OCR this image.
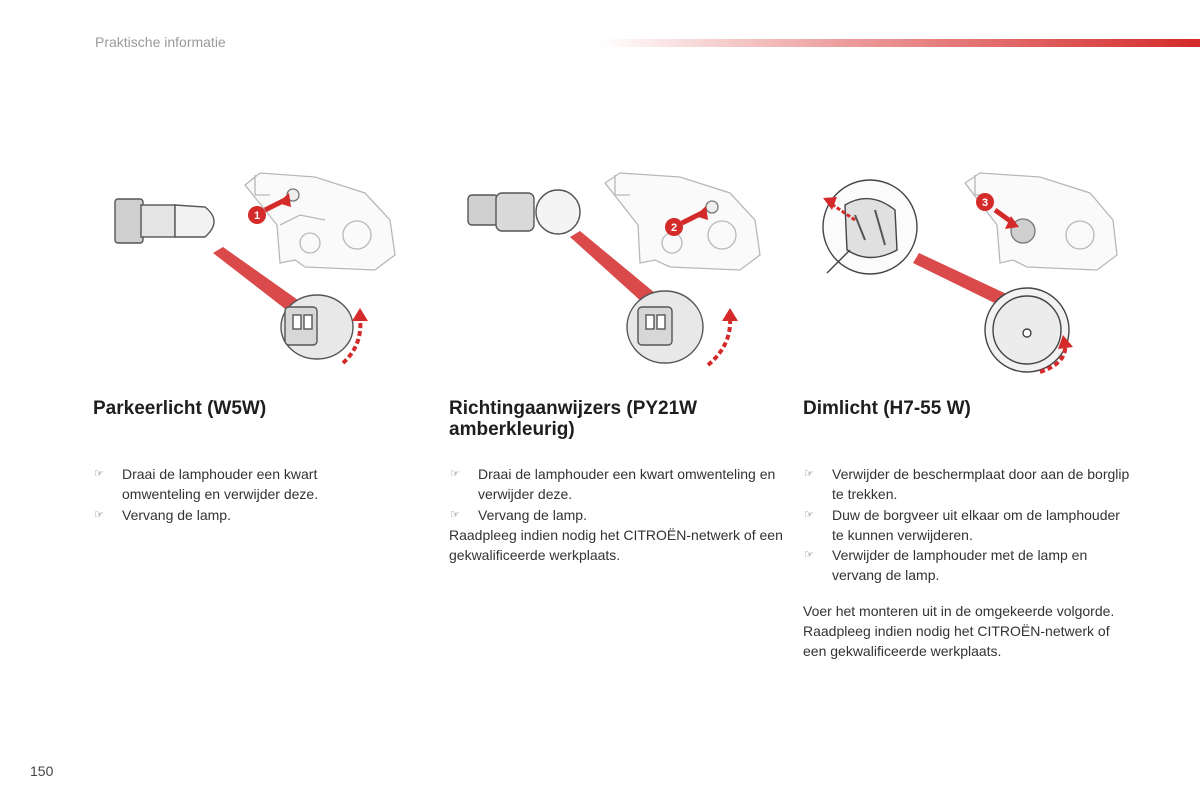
Praktische informatie
1
2
3
Parkeerlicht (W5W)
☞ Draai de lamphouder een kwart omwenteling en verwijder deze.
☞ Vervang de lamp.
Richtingaanwijzers (PY21W amberkleurig)
☞ Draai de lamphouder een kwart omwenteling en verwijder deze.
☞ Vervang de lamp.

Raadpleeg indien nodig het CITROËN-netwerk of een gekwalificeerde werkplaats.

Dimlicht (H7-55 W)
☞ Verwijder de beschermplaat door aan de borglip te trekken.
☞ Duw de borgveer uit elkaar om de lamphouder te kunnen verwijderen.
☞ Verwijder de lamphouder met de lamp en vervang de lamp.

Voer het monteren uit in de omgekeerde volgorde.

Raadpleeg indien nodig het CITROËN-netwerk of een gekwalificeerde werkplaats.

150
